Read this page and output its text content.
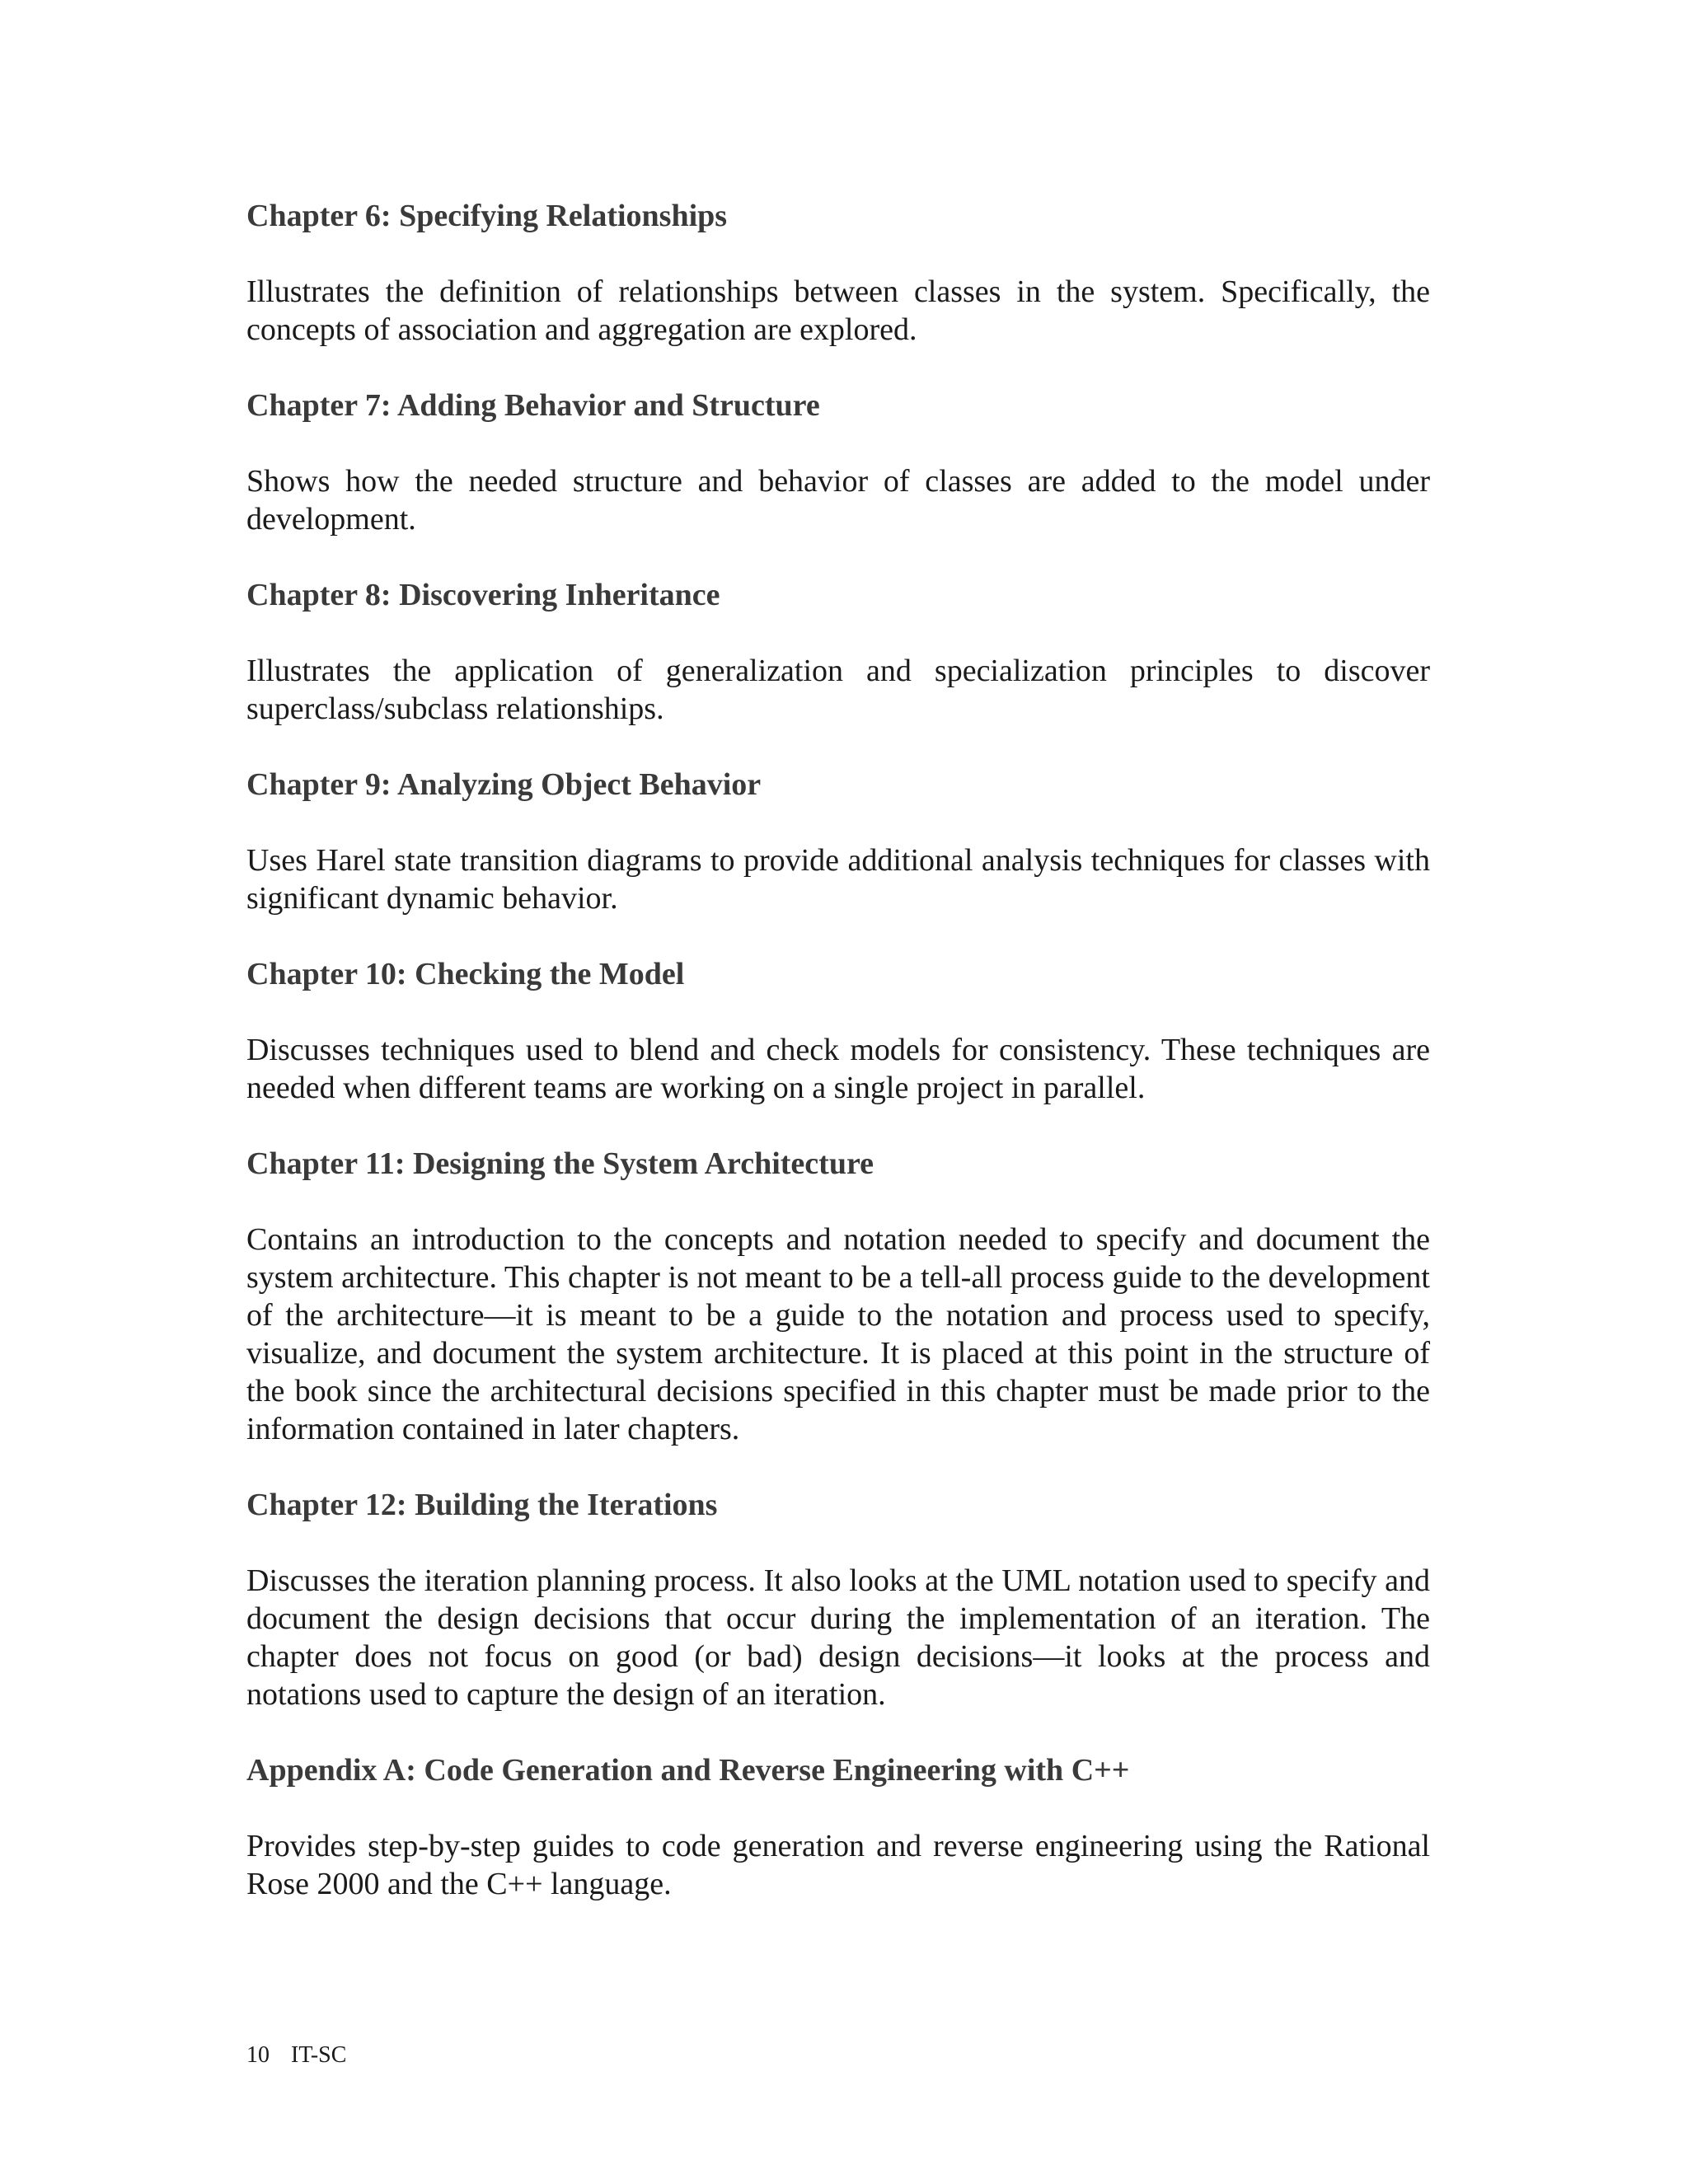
Chapter 6: Specifying Relationships

Illustrates the definition of relationships between classes in the system. Specifically, the concepts of association and aggregation are explored.

Chapter 7: Adding Behavior and Structure

Shows how the needed structure and behavior of classes are added to the model under development.

Chapter 8: Discovering Inheritance

Illustrates the application of generalization and specialization principles to discover superclass/subclass relationships.

Chapter 9: Analyzing Object Behavior

Uses Harel state transition diagrams to provide additional analysis techniques for classes with significant dynamic behavior.

Chapter 10: Checking the Model

Discusses techniques used to blend and check models for consistency. These techniques are needed when different teams are working on a single project in parallel.

Chapter 11: Designing the System Architecture

Contains an introduction to the concepts and notation needed to specify and document the system architecture. This chapter is not meant to be a tell-all process guide to the development of the architecture—it is meant to be a guide to the notation and process used to specify, visualize, and document the system architecture. It is placed at this point in the structure of the book since the architectural decisions specified in this chapter must be made prior to the information contained in later chapters.

Chapter 12: Building the Iterations

Discusses the iteration planning process. It also looks at the UML notation used to specify and document the design decisions that occur during the implementation of an iteration. The chapter does not focus on good (or bad) design decisions—it looks at the process and notations used to capture the design of an iteration.

Appendix A: Code Generation and Reverse Engineering with C++

Provides step-by-step guides to code generation and reverse engineering using the Rational Rose 2000 and the C++ language.

10 IT-SC
